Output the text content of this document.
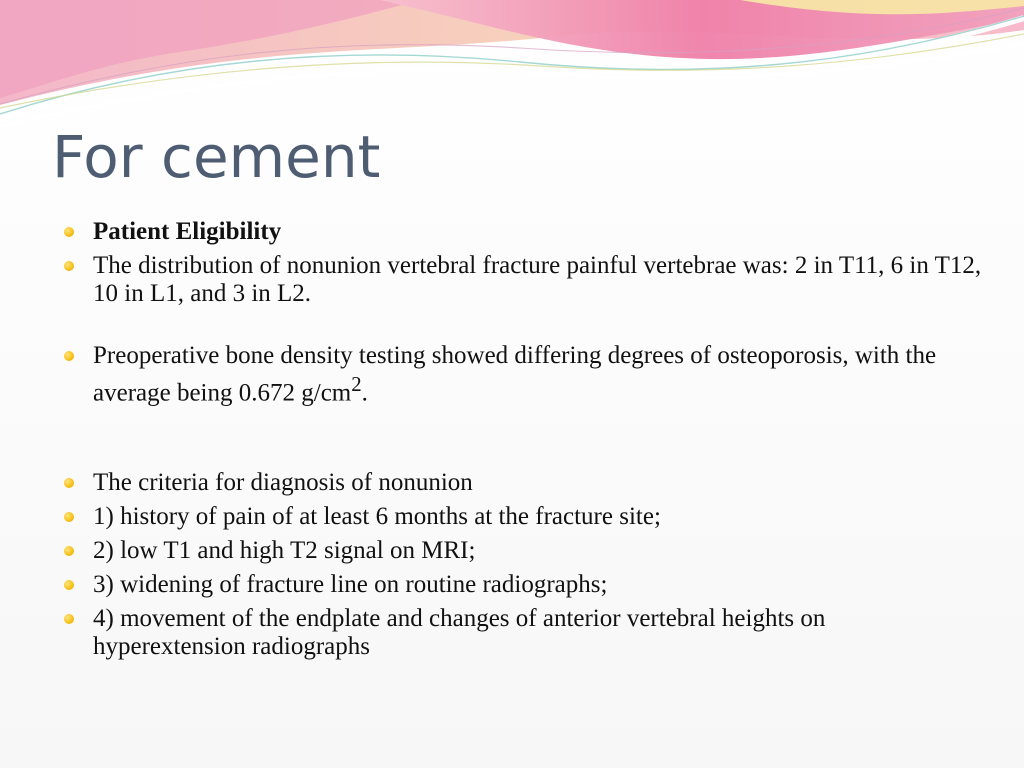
For cement
Patient Eligibility
The distribution of nonunion vertebral fracture painful vertebrae was: 2 in T11, 6 in T12, 10 in L1, and 3 in L2.
Preoperative bone density testing showed differing degrees of osteoporosis, with the average being 0.672 $g/cm^2$.
The criteria for diagnosis of nonunion
1) history of pain of at least 6 months at the fracture site;
2) low T1 and high T2 signal on MRI;
3) widening of fracture line on routine radiographs;
4) movement of the endplate and changes of anterior vertebral heights on hyperextension radiographs
